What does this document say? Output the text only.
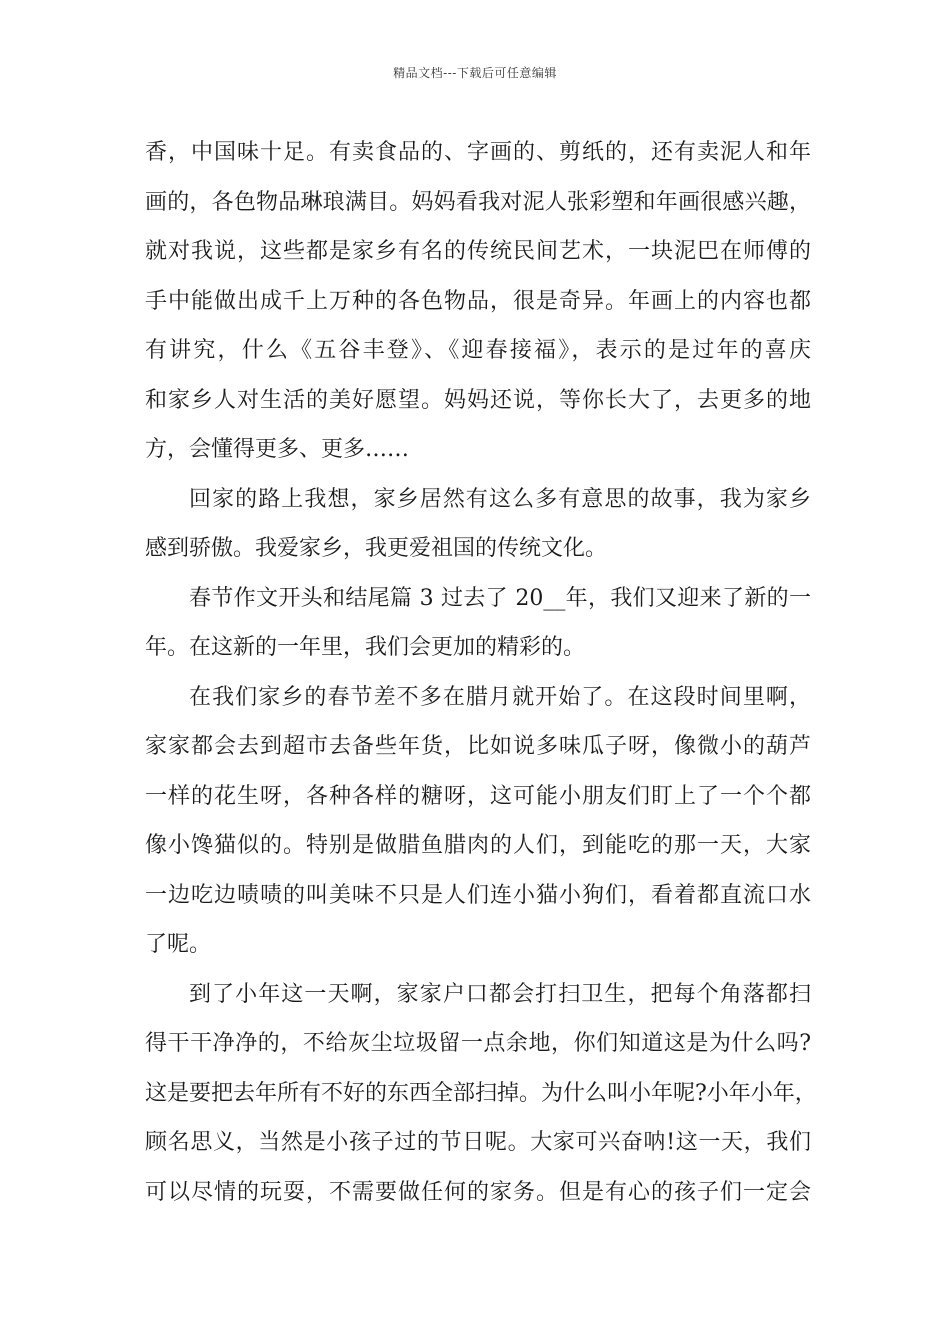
精品文档---下载后可任意编辑
香，中国味十足。有卖食品的、字画的、剪纸的，还有卖泥人和年
画的，各色物品琳琅满目。妈妈看我对泥人张彩塑和年画很感兴趣，
就对我说，这些都是家乡有名的传统民间艺术，一块泥巴在师傅的
手中能做出成千上万种的各色物品，很是奇异。年画上的内容也都
有讲究，什么《五谷丰登》、《迎春接福》，表示的是过年的喜庆
和家乡人对生活的美好愿望。妈妈还说，等你长大了，去更多的地
方，会懂得更多、更多……
回家的路上我想，家乡居然有这么多有意思的故事，我为家乡
感到骄傲。我爱家乡，我更爱祖国的传统文化。
春节作文开头和结尾篇 3 过去了 20__年，我们又迎来了新的一
年。在这新的一年里，我们会更加的精彩的。
在我们家乡的春节差不多在腊月就开始了。在这段时间里啊，
家家都会去到超市去备些年货，比如说多味瓜子呀，像微小的葫芦
一样的花生呀，各种各样的糖呀，这可能小朋友们盯上了一个个都
像小馋猫似的。特别是做腊鱼腊肉的人们，到能吃的那一天，大家
一边吃边啧啧的叫美味不只是人们连小猫小狗们，看着都直流口水
了呢。
到了小年这一天啊，家家户口都会打扫卫生，把每个角落都扫
得干干净净的，不给灰尘垃圾留一点余地，你们知道这是为什么吗?
这是要把去年所有不好的东西全部扫掉。为什么叫小年呢?小年小年，
顾名思义，当然是小孩子过的节日呢。大家可兴奋呐!这一天，我们
可以尽情的玩耍，不需要做任何的家务。但是有心的孩子们一定会
